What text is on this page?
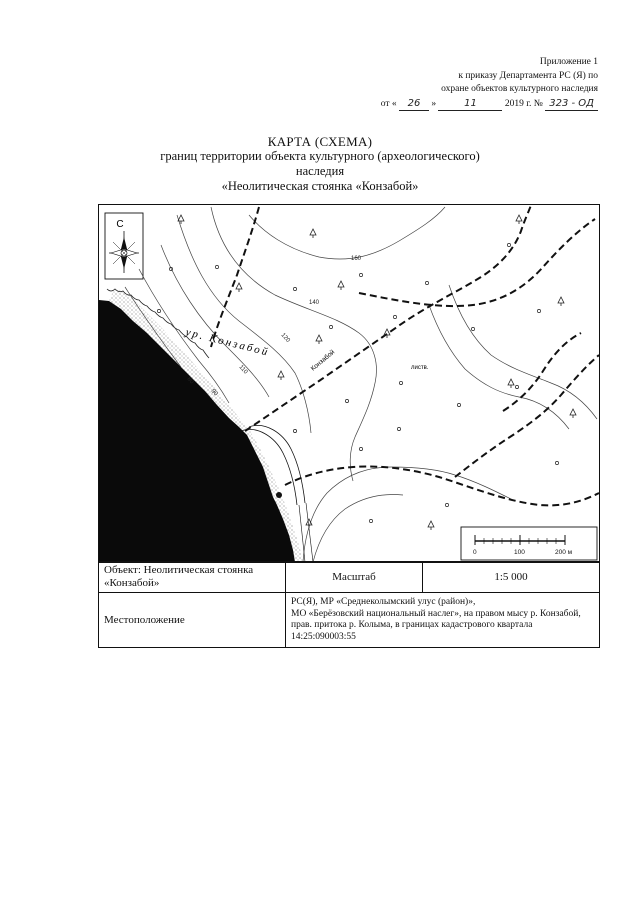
Приложение 1
к приказу Департамента РС (Я) по
охране объектов культурного наследия
от « 26 »	11	2019 г. № 323 - ОД
КАРТА (СХЕМА)
границ территории объекта культурного (археологического)
наследия
«Неолитическая стоянка «Конзабой»
С
160
140
120
110
90
80
ур. Конзабой
Конзабой	листв.
0	100	200 м
Объект: Неолитическая стоянка «Конзабой»	Масштаб	1:5 000
Местоположение	РС(Я), МР «Среднеколымский улус (район)»,
МО «Берёзовский национальный наслег», на правом мысу р. Конзабой, прав. притока р. Колыма, в границах кадастрового квартала 14:25:090003:55	
